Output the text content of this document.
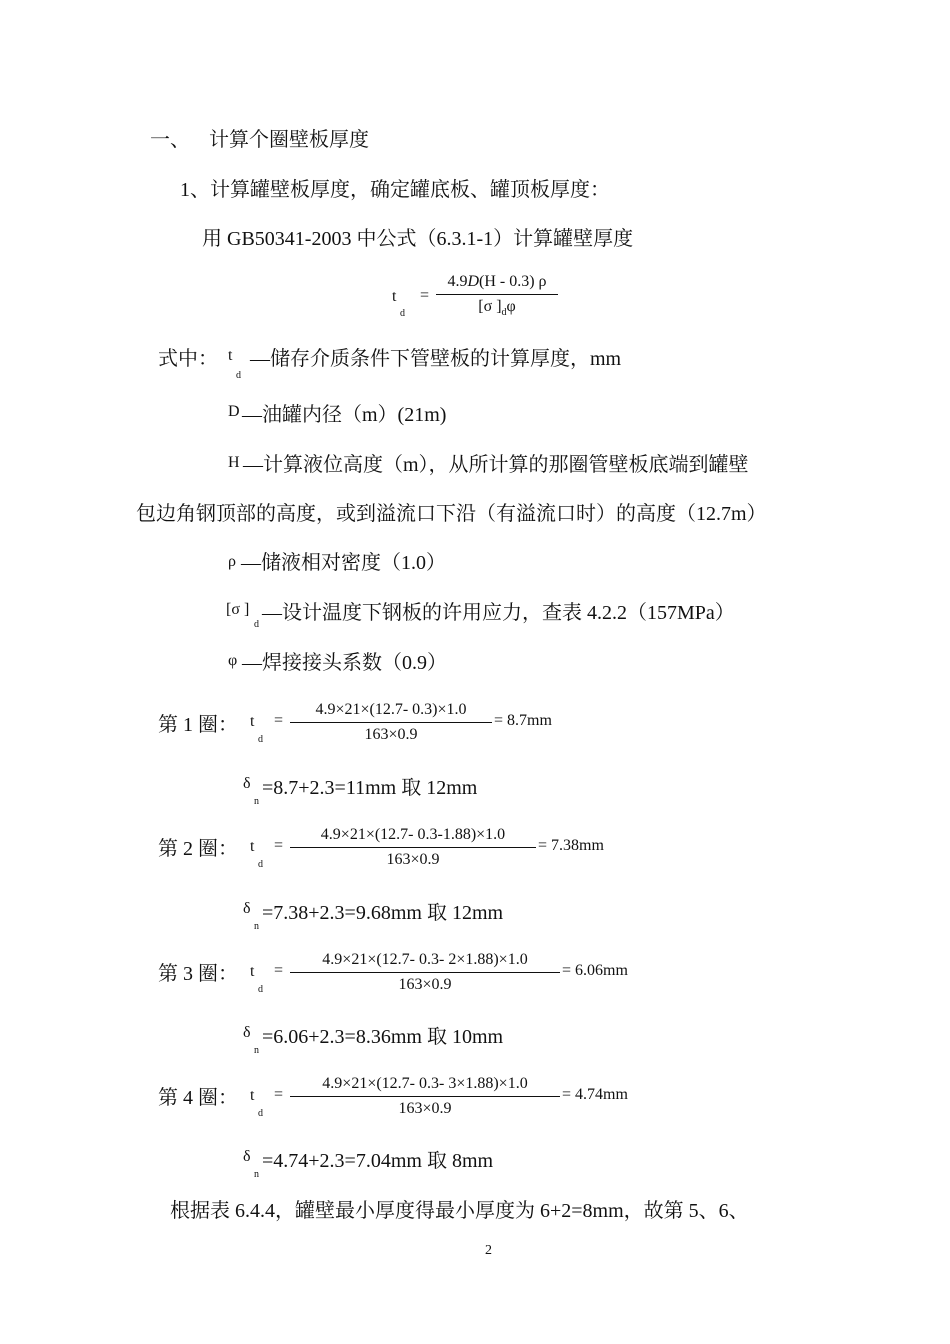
一、 计算个圈壁板厚度
1、计算罐壁板厚度，确定罐底板、罐顶板厚度：
用 GB50341-2003 中公式（6.3.1-1）计算罐壁厚度
t
d
=
4.9D(H - 0.3) ρ
[σ ]$_d\varphi$
式中： t
d
—储存介质条件下管壁板的计算厚度，mm
D —油罐内径（m）(21m)
H —计算液位高度（m），从所计算的那圈管壁板底端到罐壁
包边角钢顶部的高度，或到溢流口下沿（有溢流口时）的高度（12.7m）
ρ —储液相对密度（1.0）
[σ ]
d
—设计温度下钢板的许用应力，查表 4.2.2（157MPa）
φ —焊接接头系数（0.9）
第 1 圈： t
d
=
4.9×21×(12.7- 0.3)×1.0
163×0.9
= 8.7mm
δ
n
=8.7+2.3=11mm 取 12mm
第 2 圈： t
d
=
4.9×21×(12.7- 0.3-1.88)×1.0
163×0.9
= 7.38mm
δ
n
=7.38+2.3=9.68mm 取 12mm
第 3 圈： t
d
=
4.9×21×(12.7- 0.3- 2×1.88)×1.0
163×0.9
= 6.06mm
δ
n
=6.06+2.3=8.36mm 取 10mm
第 4 圈： t
d
=
4.9×21×(12.7- 0.3- 3×1.88)×1.0
163×0.9
= 4.74mm
δ
n
=4.74+2.3=7.04mm 取 8mm
根据表 6.4.4，罐壁最小厚度得最小厚度为 6+2=8mm，故第 5、6、
2
